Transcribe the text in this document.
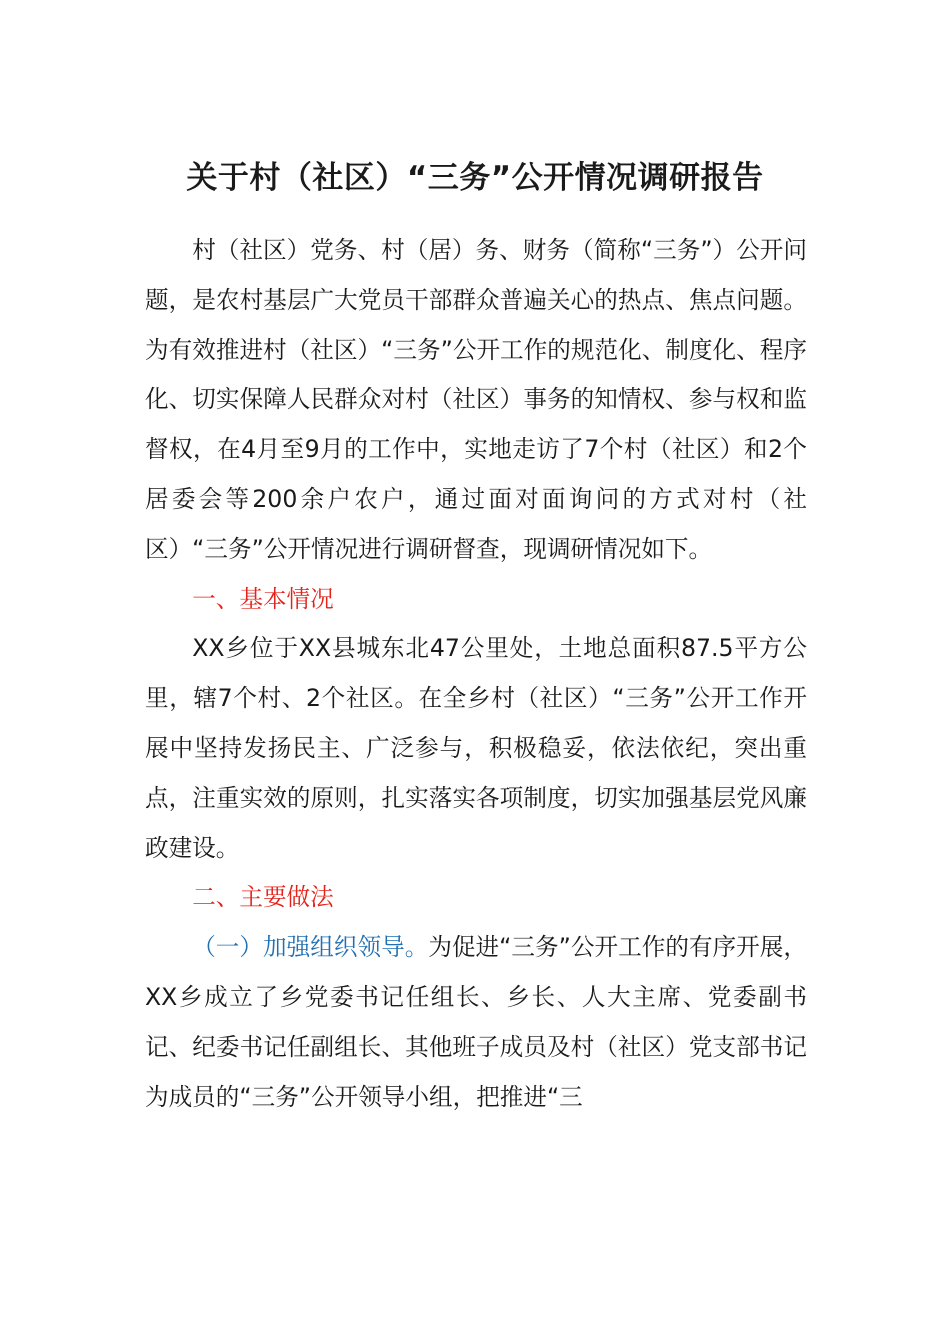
关于村（社区）“三务”公开情况调研报告

村（社区）党务、村（居）务、财务（简称“三务”）公开问题，是农村基层广大党员干部群众普遍关心的热点、焦点问题。为有效推进村（社区）“三务”公开工作的规范化、制度化、程序化、切实保障人民群众对村（社区）事务的知情权、参与权和监督权，在4月至9月的工作中，实地走访了7个村（社区）和2个居委会等200余户农户，通过面对面询问的方式对村（社区）“三务”公开情况进行调研督查，现调研情况如下。

一、基本情况

XX乡位于XX县城东北47公里处，土地总面积87.5平方公里，辖7个村、2个社区。在全乡村（社区）“三务”公开工作开展中坚持发扬民主、广泛参与，积极稳妥，依法依纪，突出重点，注重实效的原则，扎实落实各项制度，切实加强基层党风廉政建设。

二、主要做法

（一）加强组织领导。为促进“三务”公开工作的有序开展，XX乡成立了乡党委书记任组长、乡长、人大主席、党委副书记、纪委书记任副组长、其他班子成员及村（社区）党支部书记为成员的“三务”公开领导小组，把推进“三
